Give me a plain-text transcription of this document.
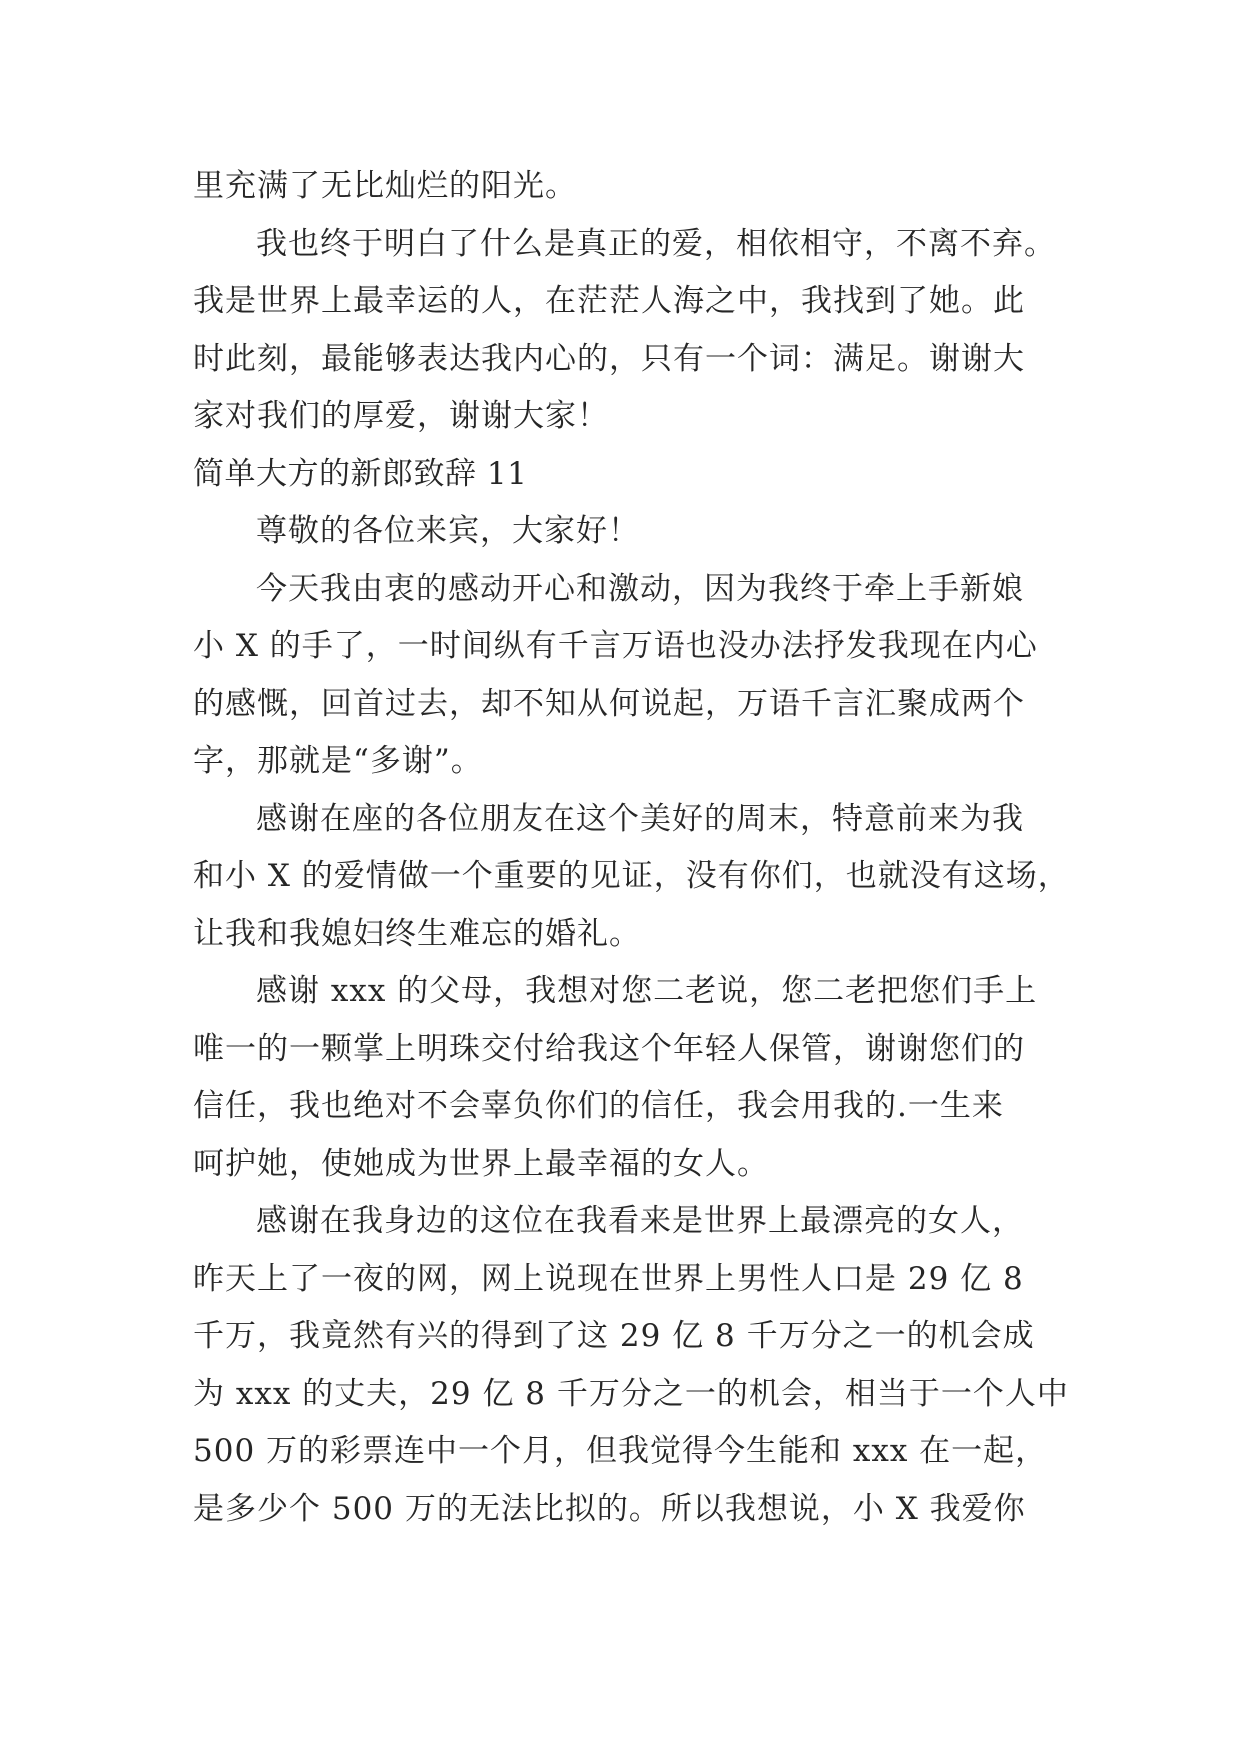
里充满了无比灿烂的阳光。

我也终于明白了什么是真正的爱，相依相守，不离不弃。

我是世界上最幸运的人，在茫茫人海之中，我找到了她。此

时此刻，最能够表达我内心的，只有一个词：满足。谢谢大

家对我们的厚爱，谢谢大家！

简单大方的新郎致辞 11

尊敬的各位来宾，大家好！

今天我由衷的感动开心和激动，因为我终于牵上手新娘

小 X 的手了，一时间纵有千言万语也没办法抒发我现在内心

的感慨，回首过去，却不知从何说起，万语千言汇聚成两个

字，那就是“多谢”。

感谢在座的各位朋友在这个美好的周末，特意前来为我

和小 X 的爱情做一个重要的见证，没有你们，也就没有这场，

让我和我媳妇终生难忘的婚礼。

感谢 xxx 的父母，我想对您二老说，您二老把您们手上

唯一的一颗掌上明珠交付给我这个年轻人保管，谢谢您们的

信任，我也绝对不会辜负你们的信任，我会用我的.一生来

呵护她，使她成为世界上最幸福的女人。

感谢在我身边的这位在我看来是世界上最漂亮的女人，

昨天上了一夜的网，网上说现在世界上男性人口是 29 亿 8

千万，我竟然有兴的得到了这 29 亿 8 千万分之一的机会成

为 xxx 的丈夫，29 亿 8 千万分之一的机会，相当于一个人中

500 万的彩票连中一个月，但我觉得今生能和 xxx 在一起，

是多少个 500 万的无法比拟的。所以我想说，小 X 我爱你
